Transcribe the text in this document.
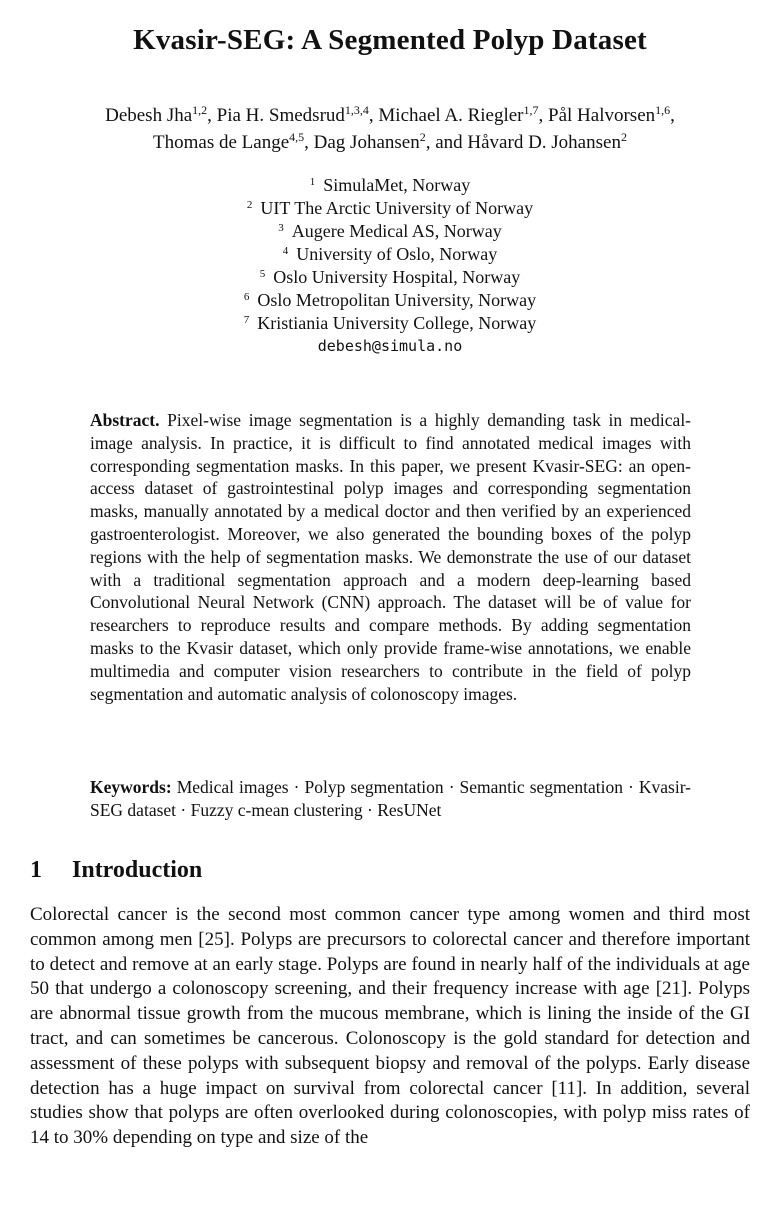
Kvasir-SEG: A Segmented Polyp Dataset
Debesh Jha$^{1,2}$, Pia H. Smedsrud$^{1,3,4}$, Michael A. Riegler$^{1,7}$, Pål Halvorsen$^{1,6}$,
Thomas de Lange$^{4,5}$, Dag Johansen$^2$, and Håvard D. Johansen$^2$
$^1$ SimulaMet, Norway
$^2$ UIT The Arctic University of Norway
$^3$ Augere Medical AS, Norway
$^4$ University of Oslo, Norway
$^5$ Oslo University Hospital, Norway
$^6$ Oslo Metropolitan University, Norway
$^7$ Kristiania University College, Norway
debesh@simula.no
Abstract. Pixel-wise image segmentation is a highly demanding task in medical-image analysis. In practice, it is difficult to find annotated medical images with corresponding segmentation masks. In this paper, we present Kvasir-SEG: an open-access dataset of gastrointestinal polyp images and corresponding segmentation masks, manually annotated by a medical doctor and then verified by an experienced gastroenterologist. Moreover, we also generated the bounding boxes of the polyp regions with the help of segmentation masks. We demonstrate the use of our dataset with a traditional segmentation approach and a modern deep-learning based Convolutional Neural Network (CNN) approach. The dataset will be of value for researchers to reproduce results and compare methods. By adding segmentation masks to the Kvasir dataset, which only provide frame-wise annotations, we enable multimedia and computer vision researchers to contribute in the field of polyp segmentation and automatic analysis of colonoscopy images.
Keywords: Medical images · Polyp segmentation · Semantic segmentation · Kvasir-SEG dataset · Fuzzy c-mean clustering · ResUNet
1 Introduction
Colorectal cancer is the second most common cancer type among women and third most common among men [25]. Polyps are precursors to colorectal cancer and therefore important to detect and remove at an early stage. Polyps are found in nearly half of the individuals at age 50 that undergo a colonoscopy screening, and their frequency increase with age [21]. Polyps are abnormal tissue growth from the mucous membrane, which is lining the inside of the GI tract, and can sometimes be cancerous. Colonoscopy is the gold standard for detection and assessment of these polyps with subsequent biopsy and removal of the polyps. Early disease detection has a huge impact on survival from colorectal cancer [11]. In addition, several studies show that polyps are often overlooked during colonoscopies, with polyp miss rates of 14 to 30% depending on type and size of the
